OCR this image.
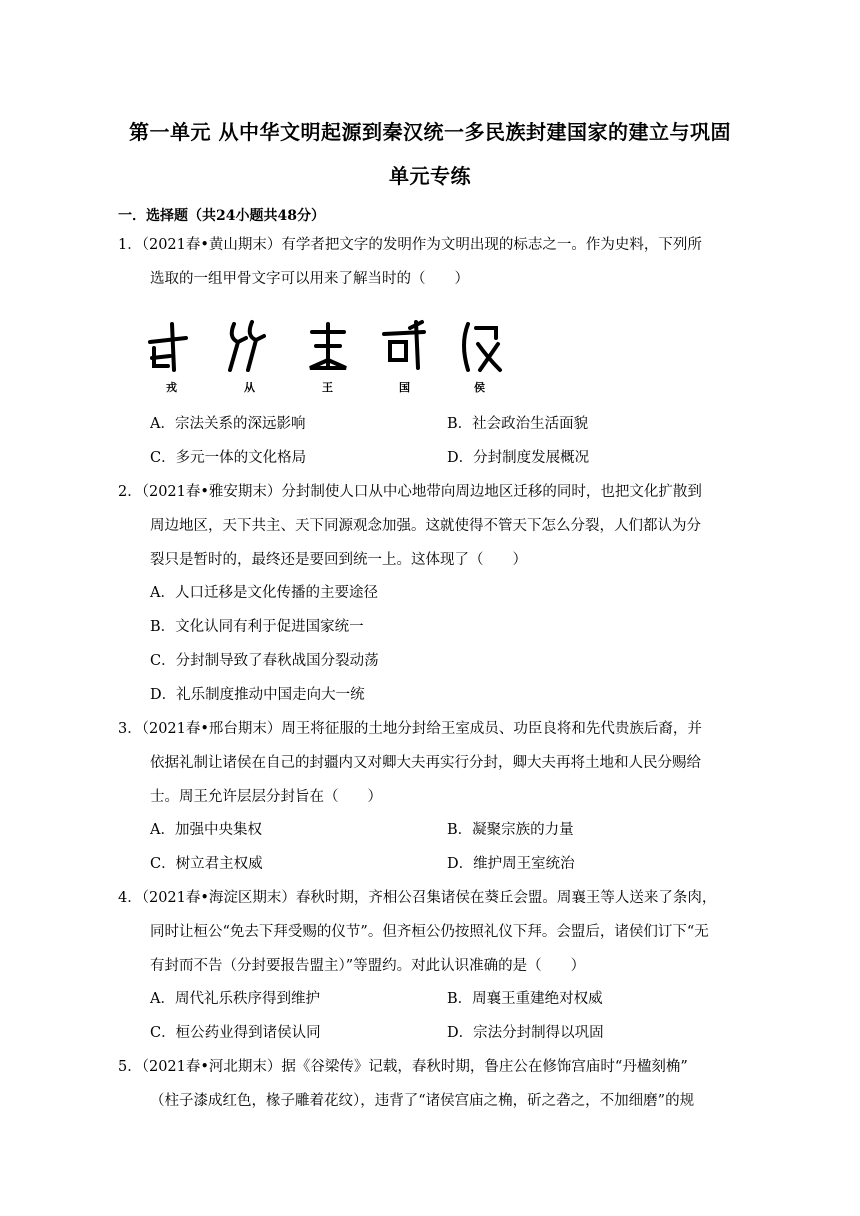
第一单元 从中华文明起源到秦汉统一多民族封建国家的建立与巩固
单元专练
一．选择题（共24小题共48分）
1．（2021春•黄山期末）有学者把文字的发明作为文明出现的标志之一。作为史料，下列所
选取的一组甲骨文字可以用来了解当时的（　　）
戎	从	王	国	侯
A．宗法关系的深远影响	B．社会政治生活面貌
C．多元一体的文化格局	D．分封制度发展概况
2．（2021春•雅安期末）分封制使人口从中心地带向周边地区迁移的同时，也把文化扩散到
周边地区，天下共主、天下同源观念加强。这就使得不管天下怎么分裂，人们都认为分
裂只是暂时的，最终还是要回到统一上。这体现了（　　）
A．人口迁移是文化传播的主要途径
B．文化认同有利于促进国家统一
C．分封制导致了春秋战国分裂动荡
D．礼乐制度推动中国走向大一统
3．（2021春•邢台期末）周王将征服的土地分封给王室成员、功臣良将和先代贵族后裔，并
依据礼制让诸侯在自己的封疆内又对卿大夫再实行分封，卿大夫再将土地和人民分赐给
士。周王允许层层分封旨在（　　）
A．加强中央集权	B．凝聚宗族的力量
C．树立君主权威	D．维护周王室统治
4．（2021春•海淀区期末）春秋时期，齐相公召集诸侯在葵丘会盟。周襄王等人送来了条肉，
同时让桓公“免去下拜受赐的仪节”。但齐桓公仍按照礼仪下拜。会盟后，诸侯们订下“无
有封而不告（分封要报告盟主）”等盟约。对此认识准确的是（　　）
A．周代礼乐秩序得到维护	B．周襄王重建绝对权威
C．桓公药业得到诸侯认同	D．宗法分封制得以巩固
5．（2021春•河北期末）据《谷梁传》记载，春秋时期，鲁庄公在修饰宫庙时“丹楹刻桷”
（柱子漆成红色，椽子雕着花纹），违背了“诸侯宫庙之桷，斫之砻之，不加细磨”的规
